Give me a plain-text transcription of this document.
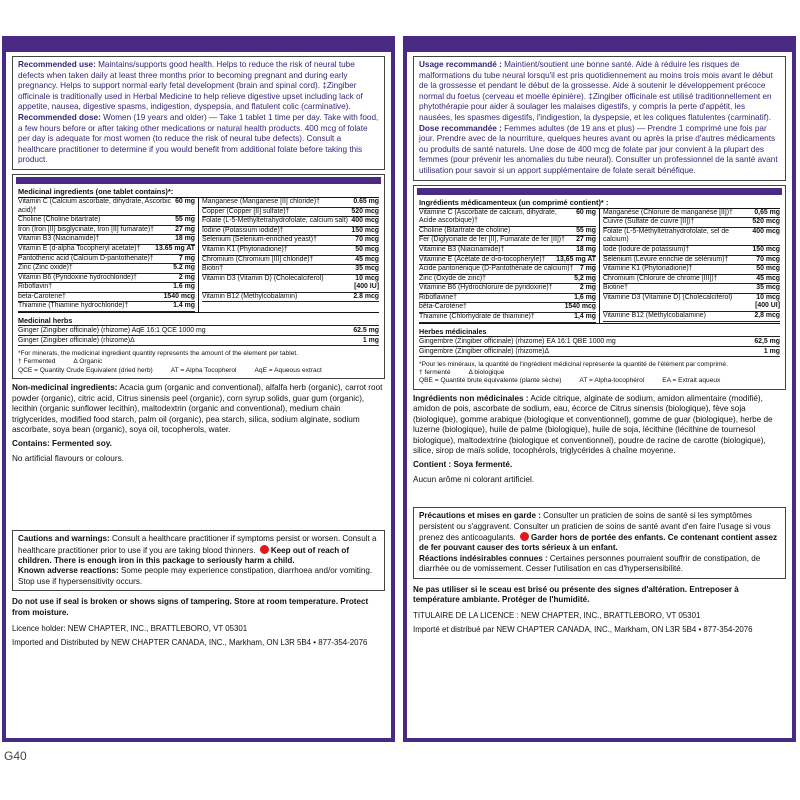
Recommended use: Maintains/supports good health. Helps to reduce the risk of neural tube defects when taken daily at least three months prior to becoming pregnant and during early pregnancy. Helps to support normal early fetal development (brain and spinal cord). ‡Zingiber officinale is traditionally used in Herbal Medicine to help relieve digestive upset including lack of appetite, nausea, digestive spasms, indigestion, dyspepsia, and flatulent colic (carminative).

Recommended dose: Women (19 years and older) — Take 1 tablet 1 time per day. Take with food, a few hours before or after taking other medications or natural health products. 400 mcg of folate per day is adequate for most women (to reduce the risk of neural tube defects). Consult a healthcare practitioner to determine if you would benefit from additional folate before taking this product.

Medicinal ingredients (one tablet contains)*:
Vitamin C (Calcium ascorbate, dihydrate, Ascorbic acid)†
60 mg
Choline (Choline bitartrate)	55 mg
Iron (Iron [II] bisglycinate, Iron [II] fumarate)†	27 mg
Vitamin B3 (Niacinamide)†	18 mg
Vitamin E (d-alpha Tocopheryl acetate)†	13.65 mg AT
Pantothenic acid (Calcium D-pantothenate)†	7 mg
Zinc (Zinc oxide)†	5.2 mg
Vitamin B6 (Pyridoxine hydrochloride)†	2 mg
Riboflavin†	1.6 mg
beta-Carotene†	1540 mcg
Thiamine (Thiamine hydrochloride)†	1.4 mg
Manganese (Manganese [II] chloride)†	0.65 mg
Copper (Copper [II] sulfate)†	520 mcg
Folate (L-5-Methyltetrahydrofolate, calcium salt) 400 mcg
Iodine (Potassium iodide)†	150 mcg
Selenium (Selenium-enriched yeast)†	70 mcg
Vitamin K1 (Phytonadione)†	50 mcg
Chromium (Chromium [III] chloride)†	45 mcg
Biotin†	35 mcg
Vitamin D3 (Vitamin D) (Cholecalciferol)	10 mcg
[400 IU]
Vitamin B12 (Methylcobalamin)	2.8 mcg
Medicinal herbs
Ginger (Zingiber officinale) (rhizome) AqE 16:1 QCE 1000 mg	62.5 mg
Ginger (Zingiber officinale) (rhizome)Δ	1 mg

*For minerals, the medicinal ingredient quantity represents the amount of the element per tablet.

† Fermented	Δ Organic

QCE = Quantity Crude Equivalent (dried herb)	AT = Alpha Tocopherol	AqE = Aqueous extract

Non-medicinal ingredients: Acacia gum (organic and conventional), alfalfa herb (organic), carrot root powder (organic), citric acid, Citrus sinensis peel (organic), corn syrup solids, guar gum (organic), lecithin (organic sunflower lecithin), maltodextrin (organic and conventional), medium chain triglycerides, modified food starch, palm oil (organic), pea starch, silica, sodium alginate, sodium ascorbate, soya bean (organic), soya oil, tocopherols, water.
Contains: Fermented soy.
No artificial flavours or colours.

Cautions and warnings: Consult a healthcare practitioner if symptoms persist or worsen. Consult a healthcare practitioner prior to use if you are taking blood thinners. Keep out of reach of children. There is enough iron in this package to seriously harm a child.

Known adverse reactions: Some people may experience constipation, diarrhoea and/or vomiting. Stop use if hypersensitivity occurs.

Do not use if seal is broken or shows signs of tampering. Store at room temperature. Protect from moisture.
Licence holder: NEW CHAPTER, INC., BRATTLEBORO, VT 05301
Imported and Distributed by NEW CHAPTER CANADA, INC., Markham, ON L3R 5B4 • 877-354-2076

Usage recommandé : Maintient/soutient une bonne santé. Aide à réduire les risques de malformations du tube neural lorsqu'il est pris quotidiennement au moins trois mois avant le début de la grossesse et pendant le début de la grossesse. Aide à soutenir le développement précoce normal du foetus (cerveau et moelle épinière). ‡Zingiber officinale est utilisé traditionnellement en phytothérapie pour aider à soulager les malaises digestifs, y compris la perte d'appétit, les nausées, les spasmes digestifs, l'indigestion, la dyspepsie, et les coliques flatulentes (carminatif).

Dose recommandée : Femmes adultes (de 19 ans et plus) — Prendre 1 comprimé une fois par jour. Prendre avec de la nourriture, quelques heures avant ou après la prise d'autres médicaments ou produits de santé naturels. Une dose de 400 mcg de folate par jour convient à la plupart des femmes (pour prévenir les anomalies du tube neural). Consulter un professionnel de la santé avant utilisation pour savoir si un apport supplémentaire de folate serait bénéfique.

Ingrédients médicamenteux (un comprimé contient)* :
Vitamine C (Ascorbate de calcium, dihydraté, Acide ascorbique)†
60 mg
Choline (Bitartrate de choline)	55 mg
Fer (Diglycinate de fer [II], Fumarate de fer [II])†	27 mg
Vitamine B3 (Niacinamide)†	18 mg
Vitamine E (Acétate de d-α-tocophéryle)†	13,65 mg AT
Acide pantonénique (D-Pantothénate de calcium)† 7 mg
Zinc (Oxyde de zinc)†	5,2 mg
Vitamine B6 (Hydrochlorure de pyridoxine)†	2 mg
Riboflavine†	1,6 mg
bêta-Carotène†	1540 mcg
Thiamine (Chlorhydrate de thiamine)†	1,4 mg
Manganèse (Chlorure de manganèse [II])†	0,65 mg
Cuivre (Sulfate de cuivre [II])†	520 mcg
Folate (L-5-Méthyltétrahydrofolate, sel de calcium)
400 mcg
Iode (Iodure de potassium)†	150 mcg
Sélénium (Levure enrichie de sélénium)†	70 mcg
Vitamine K1 (Phytonadione)†	50 mcg
Chromium (Chlorure de chrome [III])†	45 mcg
Biotine†	35 mcg
Vitamine D3 (Vitamine D) (Cholécalciférol)	10 mcg
[400 UI]
Vitamine B12 (Méthylcobalamine)	2,8 mcg
Herbes médicinales
Gingembre (Zingiber officinale) (rhizome) EA 16:1 QBE 1000 mg	62,5 mg
Gingembre (Zingiber officinale) (rhizome)Δ	1 mg

*Pour les minéraux, la quantité de l'ingrédient médicinal représente la quantité de l'élément par comprimé.

† fermenté	Δ biologique

QBE = Quantité brute équivalente (plante sèche)	AT = Alpha-tocophérol	EA = Extrait aqueux

Ingrédients non médicinales : Acide citrique, alginate de sodium, amidon alimentaire (modifié), amidon de pois, ascorbate de sodium, eau, écorce de Citrus sinensis (biologique), fève soja (biologique), gomme arabique (biologique et conventionnel), gomme de guar (biologique), herbe de luzerne (biologique), huile de palme (biologique), huile de soja, lécithine (lécithine de tournesol biologique), maltodextrine (biologique et conventionnel), poudre de racine de carotte (biologique), silice, sirop de maïs solide, tocophérols, triglycérides à chaîne moyenne.
Contient : Soya fermenté.
Aucun arôme ni colorant artificiel.

Précautions et mises en garde : Consulter un praticien de soins de santé si les symptômes persistent ou s'aggravent. Consulter un praticien de soins de santé avant d'en faire l'usage si vous prenez des anticoagulants. Garder hors de portée des enfants. Ce contenant contient assez de fer pouvant causer des torts sérieux à un enfant.

Réactions indésirables connues : Certaines personnes pourraient souffrir de constipation, de diarrhée ou de vomissement. Cesser l'utilisation en cas d'hypersensibilité.

Ne pas utiliser si le sceau est brisé ou présente des signes d'altération. Entreposer à température ambiante. Protéger de l'humidité.
TITULAIRE DE LA LICENCE : NEW CHAPTER, INC., BRATTLEBORO, VT 05301
Importé et distribué par NEW CHAPTER CANADA, INC., Markham, ON L3R 5B4 • 877-354-2076
G40
